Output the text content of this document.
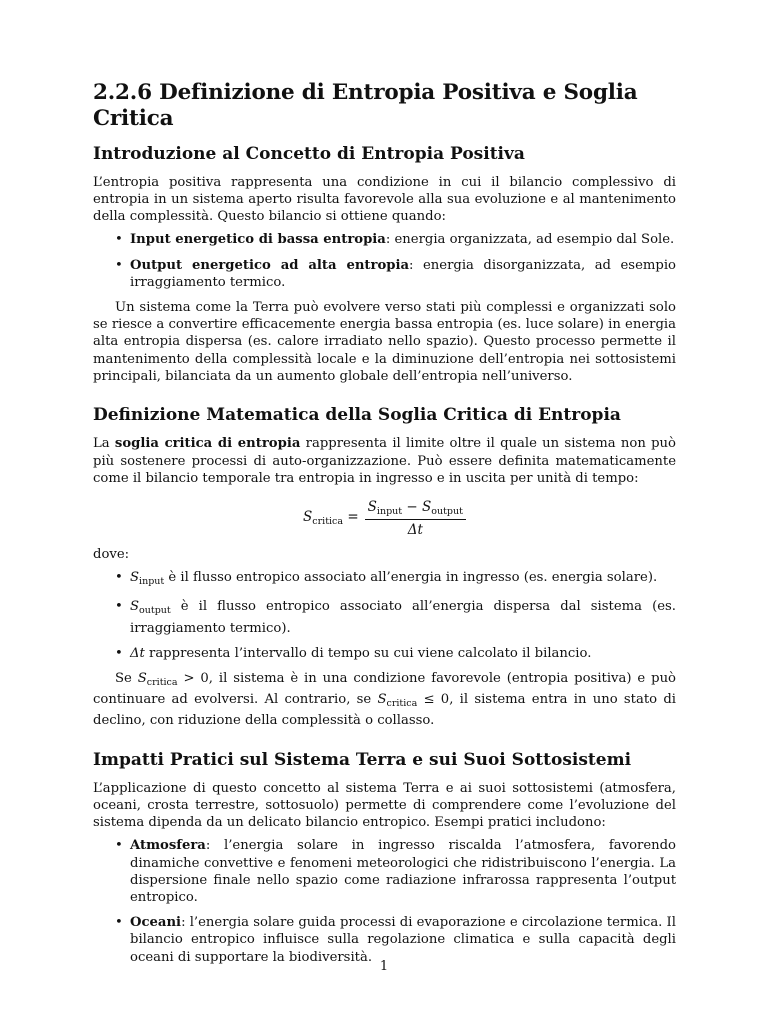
2.2.6 Definizione di Entropia Positiva e Soglia Critica
Introduzione al Concetto di Entropia Positiva

L’entropia positiva rappresenta una condizione in cui il bilancio complessivo di entropia in un sistema aperto risulta favorevole alla sua evoluzione e al mantenimento della complessità. Questo bilancio si ottiene quando:

• Input energetico di bassa entropia: energia organizzata, ad esempio dal Sole.
• Output energetico ad alta entropia: energia disorganizzata, ad esempio irraggiamento termico.

Un sistema come la Terra può evolvere verso stati più complessi e organizzati solo se riesce a convertire efficacemente energia bassa entropia (es. luce solare) in energia alta entropia dispersa (es. calore irradiato nello spazio). Questo processo permette il mantenimento della complessità locale e la diminuzione dell’entropia nei sottosistemi principali, bilanciata da un aumento globale dell’entropia nell’universo.

Definizione Matematica della Soglia Critica di Entropia

La soglia critica di entropia rappresenta il limite oltre il quale un sistema non può più sostenere processi di auto-organizzazione. Può essere definita matematicamente come il bilancio temporale tra entropia in ingresso e in uscita per unità di tempo:

$S_{critica} = \frac{S_{input} - S_{output}}{\Delta t}$

dove:

• $S_{input}$ è il flusso entropico associato all’energia in ingresso (es. energia solare).
• $S_{output}$ è il flusso entropico associato all’energia dispersa dal sistema (es. irraggiamento termico).
• Δt rappresenta l’intervallo di tempo su cui viene calcolato il bilancio.

Se $S_{critica} > 0$, il sistema è in una condizione favorevole (entropia positiva) e può continuare ad evolversi. Al contrario, se $S_{critica} \le 0$, il sistema entra in uno stato di declino, con riduzione della complessità o collasso.

Impatti Pratici sul Sistema Terra e sui Suoi Sottosistemi

L’applicazione di questo concetto al sistema Terra e ai suoi sottosistemi (atmosfera, oceani, crosta terrestre, sottosuolo) permette di comprendere come l’evoluzione del sistema dipenda da un delicato bilancio entropico. Esempi pratici includono:

• Atmosfera: l’energia solare in ingresso riscalda l’atmosfera, favorendo dinamiche convettive e fenomeni meteorologici che ridistribuiscono l’energia. La dispersione finale nello spazio come radiazione infrarossa rappresenta l’output entropico.
• Oceani: l’energia solare guida processi di evaporazione e circolazione termica. Il bilancio entropico influisce sulla regolazione climatica e sulla capacità degli oceani di supportare la biodiversità.
1
